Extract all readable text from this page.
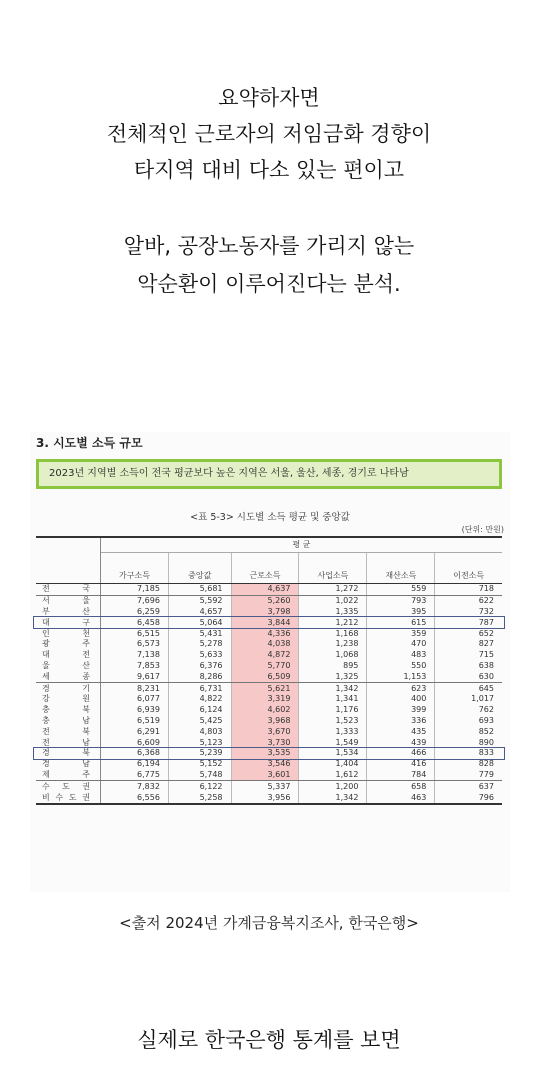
요약하자면
전체적인 근로자의 저임금화 경향이
타지역 대비 다소 있는 편이고
알바, 공장노동자를 가리지 않는
악순환이 이루어진다는 분석.
3. 시도별 소득 규모
2023년 지역별 소득이 전국 평균보다 높은 지역은 서울, 울산, 세종, 경기로 나타남
<표 5-3> 시도별 소득 평균 및 중앙값
(단위: 만원)
	평 균					
	가구소득	중앙값	근로소득	사업소득	재산소득	이전소득
전 국	7,185	5,681	4,637	1,272	559	718
서 울	7,696	5,592	5,260	1,022	793	622
부 산	6,259	4,657	3,798	1,335	395	732
대 구	6,458	5,064	3,844	1,212	615	787
인 천	6,515	5,431	4,336	1,168	359	652
광 주	6,573	5,278	4,038	1,238	470	827
대 전	7,138	5,633	4,872	1,068	483	715
울 산	7,853	6,376	5,770	895	550	638
세 종	9,617	8,286	6,509	1,325	1,153	630
경 기	8,231	6,731	5,621	1,342	623	645
강 원	6,077	4,822	3,319	1,341	400	1,017
충 북	6,939	6,124	4,602	1,176	399	762
충 남	6,519	5,425	3,968	1,523	336	693
전 북	6,291	4,803	3,670	1,333	435	852
전 남	6,609	5,123	3,730	1,549	439	890
경 북	6,368	5,239	3,535	1,534	466	833
경 남	6,194	5,152	3,546	1,404	416	828
제 주	6,775	5,748	3,601	1,612	784	779
수 도 권	7,832	6,122	5,337	1,200	658	637
비 수 도 권	6,556	5,258	3,956	1,342	463	796
<출저 2024년 가계금융복지조사, 한국은행>
실제로 한국은행 통계를 보면
